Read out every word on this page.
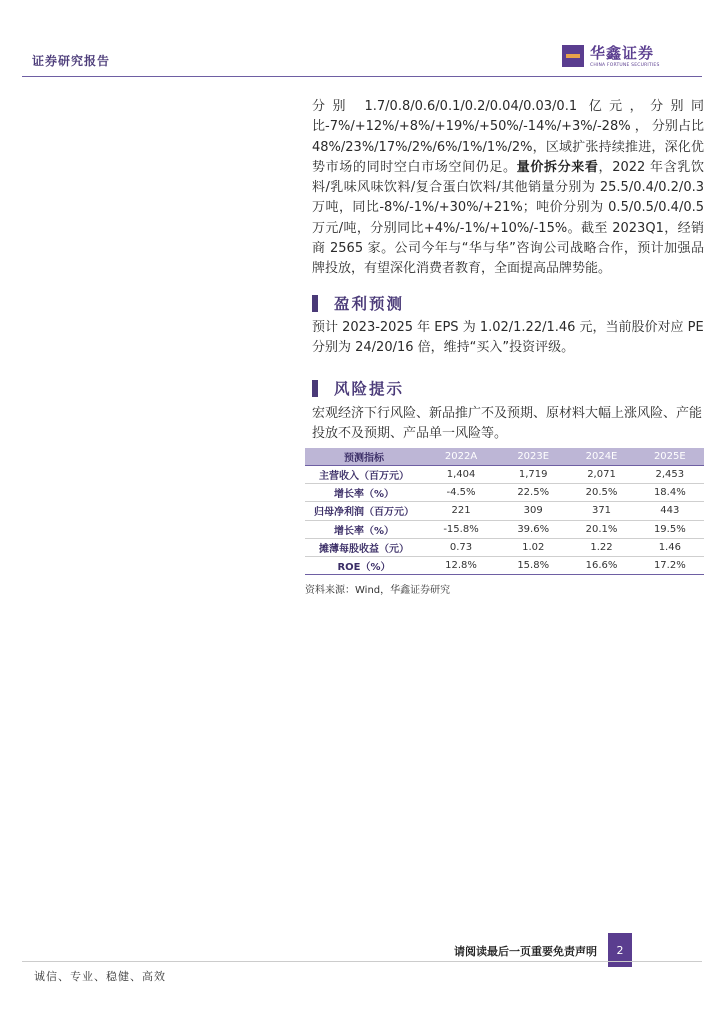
证券研究报告	华鑫证券
CHINA FORTUNE SECURITIES
分别 1.7/0.8/0.6/0.1/0.2/0.04/0.03/0.1 亿元，分别同比-7%/+12%/+8%/+19%/+50%/-14%/+3%/-28% ， 分别占比 48%/23%/17%/2%/6%/1%/1%/2%，区域扩张持续推进，深化优势市场的同时空白市场空间仍足。量价拆分来看，2022 年含乳饮料/乳味风味饮料/复合蛋白饮料/其他销量分别为 25.5/0.4/0.2/0.3 万吨，同比-8%/-1%/+30%/+21%；吨价分别为 0.5/0.5/0.4/0.5 万元/吨，分别同比+4%/-1%/+10%/-15%。截至 2023Q1，经销商 2565 家。公司今年与“华与华”咨询公司战略合作，预计加强品牌投放，有望深化消费者教育，全面提高品牌势能。
盈利预测
预计 2023-2025 年 EPS 为 1.02/1.22/1.46 元，当前股价对应 PE 分别为 24/20/16 倍，维持“买入”投资评级。
风险提示
宏观经济下行风险、新品推广不及预期、原材料大幅上涨风险、产能投放不及预期、产品单一风险等。
预测指标	2022A	2023E	2024E	2025E
主营收入（百万元）	1,404	1,719	2,071	2,453
增长率（%）	-4.5%	22.5%	20.5%	18.4%
归母净利润（百万元）	221	309	371	443
增长率（%）	-15.8%	39.6%	20.1%	19.5%
摊薄每股收益（元）	0.73	1.02	1.22	1.46
ROE（%）	12.8%	15.8%	16.6%	17.2%
资料来源：Wind，华鑫证券研究
请阅读最后一页重要免责声明	2
诚信、专业、稳健、高效
